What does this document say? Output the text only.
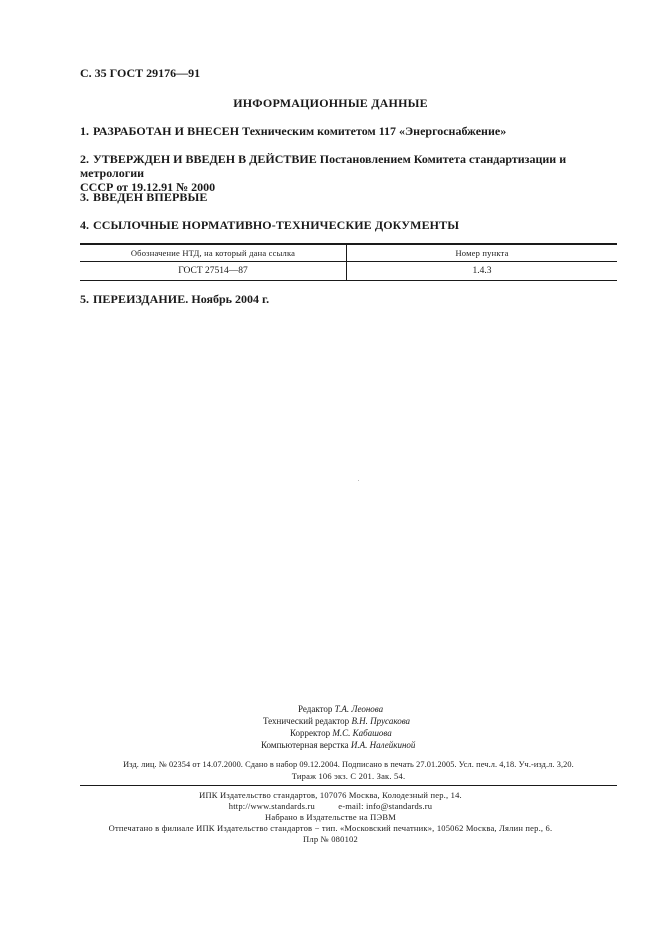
С. 35 ГОСТ 29176—91
ИНФОРМАЦИОННЫЕ ДАННЫЕ
1. РАЗРАБОТАН И ВНЕСЕН Техническим комитетом 117 «Энергоснабжение»
2. УТВЕРЖДЕН И ВВЕДЕН В ДЕЙСТВИЕ Постановлением Комитета стандартизации и метрологии
СССР от 19.12.91 № 2000
3. ВВЕДЕН ВПЕРВЫЕ
4. ССЫЛОЧНЫЕ НОРМАТИВНО-ТЕХНИЧЕСКИЕ ДОКУМЕНТЫ
Обозначение НТД, на который дана ссылка	Номер пункта
ГОСТ 27514—87	1.4.3
5. ПЕРЕИЗДАНИЕ. Ноябрь 2004 г.
Редактор Т.А. Леонова
Технический редактор В.Н. Прусакова
Корректор М.С. Кабашова
Компьютерная верстка И.А. Налейкиной
Изд. лиц. № 02354 от 14.07.2000. Сдано в набор 09.12.2004. Подписано в печать 27.01.2005. Усл. печ.л. 4,18. Уч.-изд.л. 3,20.
Тираж 106 экз. С 201. Зак. 54.
ИПК Издательство стандартов, 107076 Москва, Колодезный пер., 14.
http://www.standards.ru	e-mail: info@standards.ru
Набрано в Издательстве на ПЭВМ
Отпечатано в филиале ИПК Издательство стандартов − тип. «Московский печатник», 105062 Москва, Лялин пер., 6.
Плр № 080102
